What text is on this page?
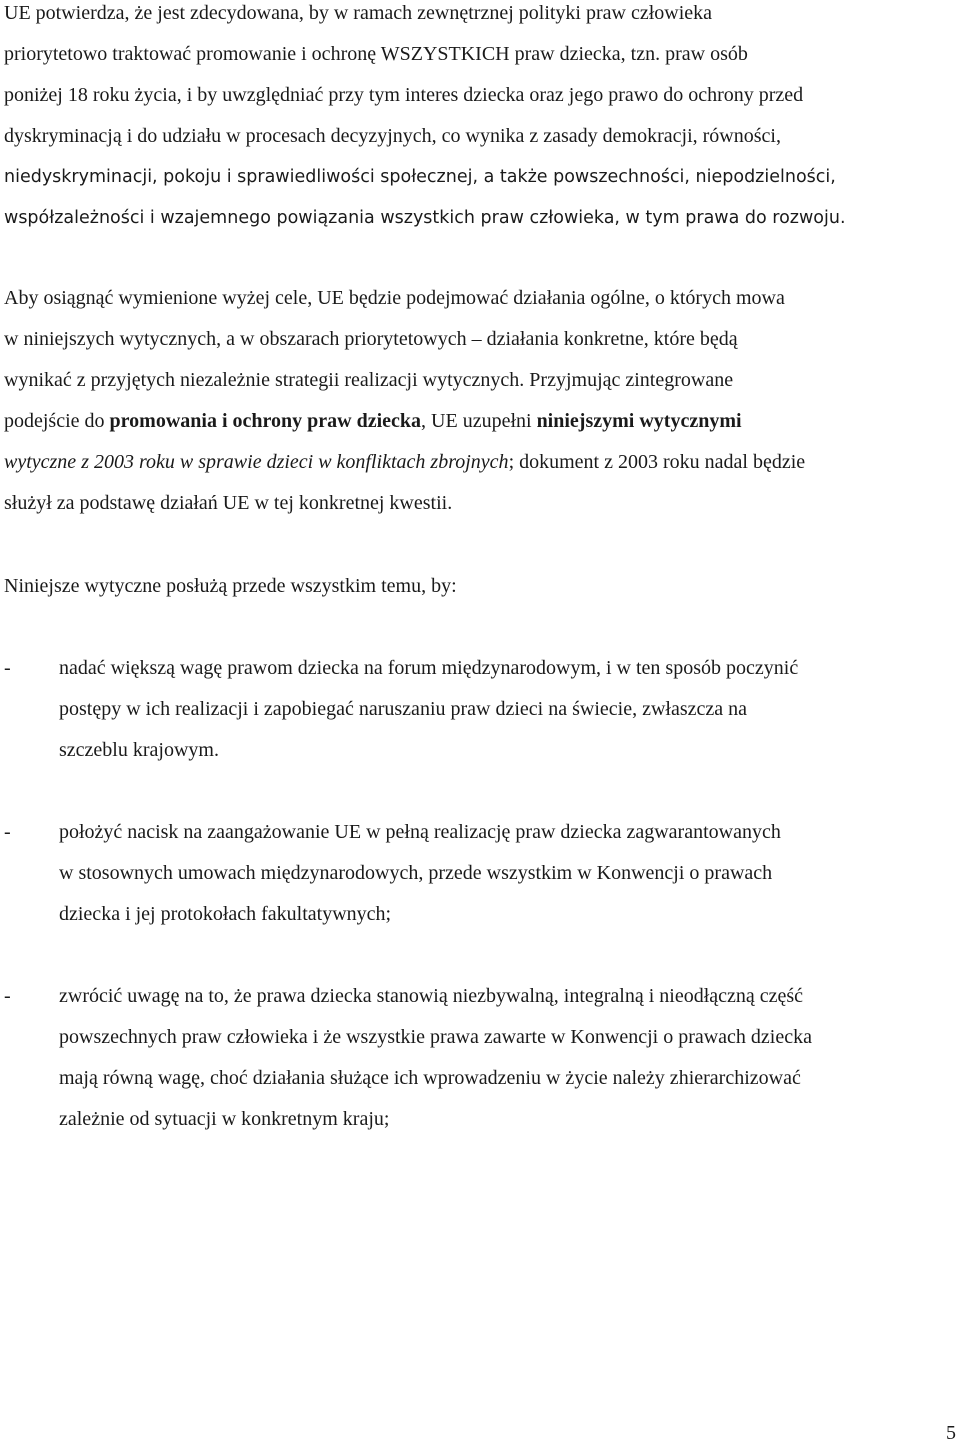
UE potwierdza, że jest zdecydowana, by w ramach zewnętrznej polityki praw człowieka
priorytetowo traktować promowanie i ochronę WSZYSTKICH praw dziecka, tzn. praw osób
poniżej 18 roku życia, i by uwzględniać przy tym interes dziecka oraz jego prawo do ochrony przed
dyskryminacją i do udziału w procesach decyzyjnych, co wynika z zasady demokracji, równości,
niedyskryminacji, pokoju i sprawiedliwości społecznej, a także powszechności, niepodzielności,
współzależności i wzajemnego powiązania wszystkich praw człowieka, w tym prawa do rozwoju.
Aby osiągnąć wymienione wyżej cele, UE będzie podejmować działania ogólne, o których mowa
w niniejszych wytycznych, a w obszarach priorytetowych – działania konkretne, które będą
wynikać z przyjętych niezależnie strategii realizacji wytycznych. Przyjmując zintegrowane
podejście do promowania i ochrony praw dziecka, UE uzupełni niniejszymi wytycznymi
wytyczne z 2003 roku w sprawie dzieci w konfliktach zbrojnych; dokument z 2003 roku nadal będzie
służył za podstawę działań UE w tej konkretnej kwestii.
Niniejsze wytyczne posłużą przede wszystkim temu, by:
- nadać większą wagę prawom dziecka na forum międzynarodowym, i w ten sposób poczynić
postępy w ich realizacji i zapobiegać naruszaniu praw dzieci na świecie, zwłaszcza na
szczeblu krajowym.
- położyć nacisk na zaangażowanie UE w pełną realizację praw dziecka zagwarantowanych
w stosownych umowach międzynarodowych, przede wszystkim w Konwencji o prawach
dziecka i jej protokołach fakultatywnych;
- zwrócić uwagę na to, że prawa dziecka stanowią niezbywalną, integralną i nieodłączną część
powszechnych praw człowieka i że wszystkie prawa zawarte w Konwencji o prawach dziecka
mają równą wagę, choć działania służące ich wprowadzeniu w życie należy zhierarchizować
zależnie od sytuacji w konkretnym kraju;
5
